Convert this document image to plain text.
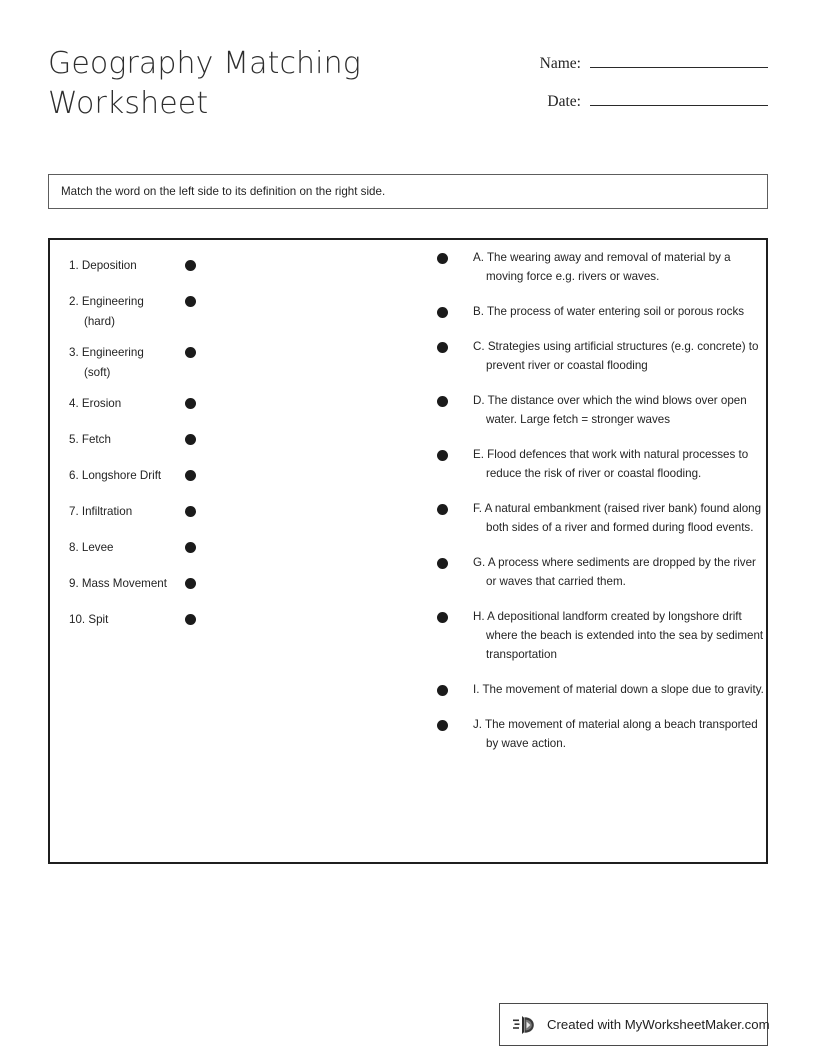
Geography Matching Worksheet
Name:
Date:
Match the word on the left side to its definition on the right side.
1. Deposition
2. Engineering (hard)
3. Engineering (soft)
4. Erosion
5. Fetch
6. Longshore Drift
7. Infiltration
8. Levee
9. Mass Movement
10. Spit
A. The wearing away and removal of material by a moving force e.g. rivers or waves.
B. The process of water entering soil or porous rocks
C. Strategies using artificial structures (e.g. concrete) to prevent river or coastal flooding
D. The distance over which the wind blows over open water. Large fetch = stronger waves
E. Flood defences that work with natural processes to reduce the risk of river or coastal flooding.
F. A natural embankment (raised river bank) found along both sides of a river and formed during flood events.
G. A process where sediments are dropped by the river or waves that carried them.
H. A depositional landform created by longshore drift where the beach is extended into the sea by sediment transportation
I. The movement of material down a slope due to gravity.
J. The movement of material along a beach transported by wave action.
Created with MyWorksheetMaker.com
